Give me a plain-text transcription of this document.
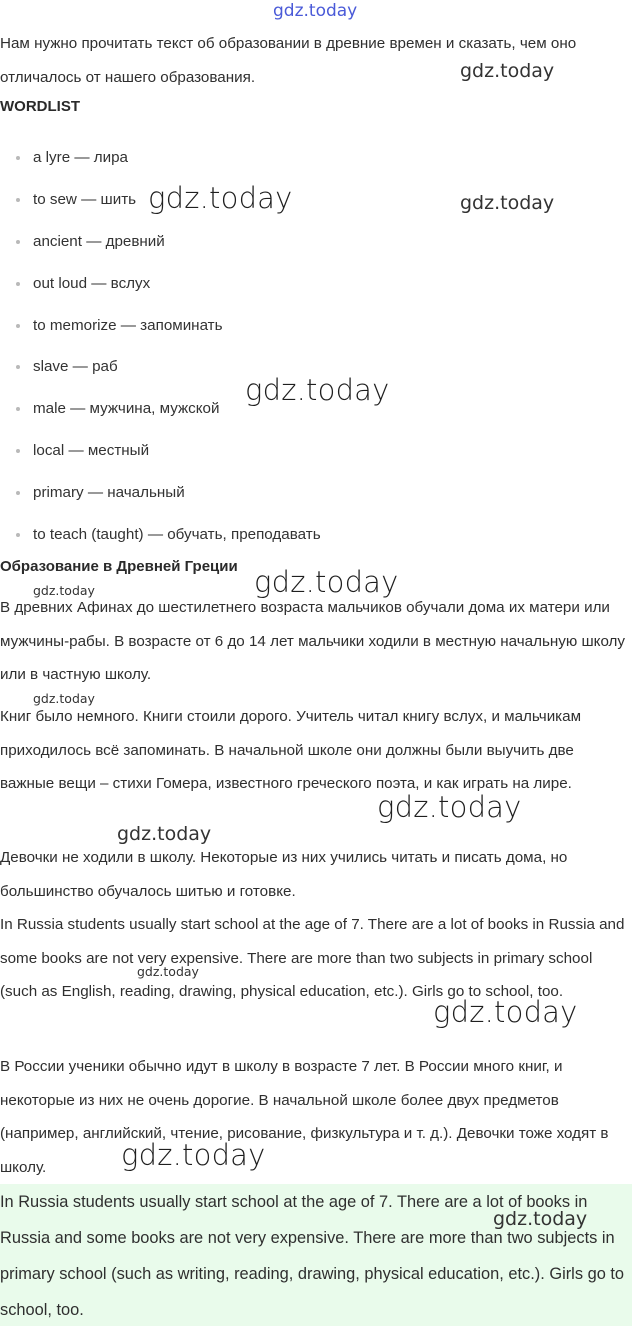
Нам нужно прочитать текст об образовании в древние времен и сказать, чем оно отличалось от нашего образования.

WORDLIST

a lyre — лира
to sew — шить
ancient — древний
out loud — вслух
to memorize — запоминать
slave — раб
male — мужчина, мужской
local — местный
primary — начальный
to teach (taught) — обучать, преподавать

Образование в Древней Греции

В древних Афинах до шестилетнего возраста мальчиков обучали дома их матери или мужчины-рабы. В возрасте от 6 до 14 лет мальчики ходили в местную начальную школу или в частную школу.

Книг было немного. Книги стоили дорого. Учитель читал книгу вслух, и мальчикам приходилось всё запоминать. В начальной школе они должны были выучить две важные вещи – стихи Гомера, известного греческого поэта, и как играть на лире.

Девочки не ходили в школу. Некоторые из них учились читать и писать дома, но большинство обучалось шитью и готовке.

In Russia students usually start school at the age of 7. There are a lot of books in Russia and some books are not very expensive. There are more than two subjects in primary school (such as English, reading, drawing, physical education, etc.). Girls go to school, too.

В России ученики обычно идут в школу в возрасте 7 лет. В России много книг, и некоторые из них не очень дорогие. В начальной школе более двух предметов (например, английский, чтение, рисование, физкультура и т. д.). Девочки тоже ходят в школу.

In Russia students usually start school at the age of 7. There are a lot of books in Russia and some books are not very expensive. There are more than two subjects in primary school (such as writing, reading, drawing, physical education, etc.). Girls go to school, too.

gdz.today
gdz.today
gdz.today	gdz.today
gdz.today
gdz.today
gdz.today
gdz.today
gdz.today
gdz.today
gdz.today
gdz.today
gdz.today
gdz.today
